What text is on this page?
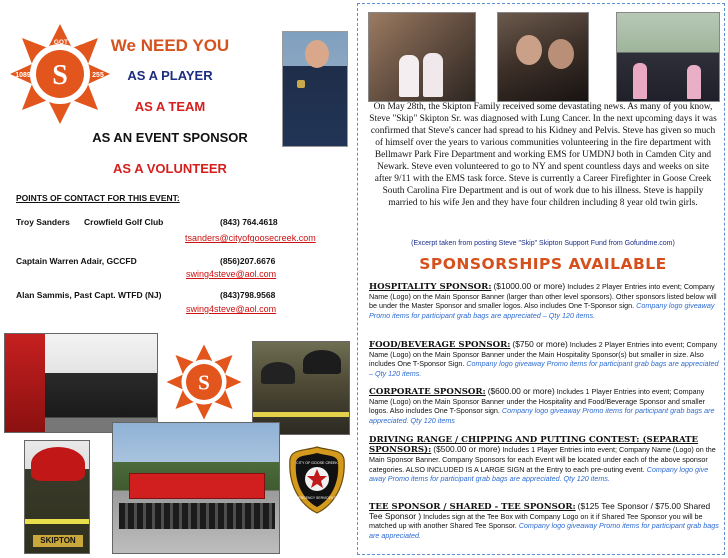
S
"WE" GOT THIS
1089	255
We NEED YOU
AS A PLAYER
AS A TEAM
AS AN EVENT SPONSOR
AS A VOLUNTEER
POINTS OF CONTACT FOR THIS EVENT:
Troy Sanders Crowfield Golf Club	(843) 764.4618
tsanders@cityofgoosecreek.com
Captain Warren Adair, GCCFD	(856)207.6676
swing4steve@aol.com
Alan Sammis, Past Capt. WTFD (NJ)	(843)798.9568
swing4steve@aol.com
S
SKIPTON
CITY OF GOOSE CREEK
EMERGENCY SERVICES S.C.

On May 28th, the Skipton Family received some devastating news. As many of you know, Steve "Skip" Skipton Sr. was diagnosed with Lung Cancer. In the next upcoming days it was confirmed that Steve's cancer had spread to his Kidney and Pelvis. Steve has given so much of himself over the years to various communities volunteering in the fire department with Bellmawr Park Fire Department and working EMS for UMDNJ both in Camden City and Newark. Steve even volunteered to go to NY and spent countless days and weeks on site after 9/11 with the EMS task force. Steve is currently a Career Firefighter in Goose Creek South Carolina Fire Department and is out of work due to his illness. Steve is happily married to his wife Jen and they have four children including 8 year old twin girls.

(Excerpt taken from posting Steve "Skip" Skipton Support Fund from Gofundme.com)
SPONSORSHIPS AVAILABLE
HOSPITALITY SPONSOR: ($1000.00 or more) Includes 2 Player Entries into event; Company Name (Logo) on the Main Sponsor Banner (larger than other level sponsors). Other sponsors listed below will be under the Master Sponsor and smaller logos. Also includes One T-Sponsor sign. Company logo giveaway Promo items for participant grab bags are appreciated – Qty 120 items.
FOOD/BEVERAGE SPONSOR: ($750 or more) Includes 2 Player Entries into event; Company Name (Logo) on the Main Sponsor Banner under the Main Hospitality Sponsor(s) but smaller in size. Also includes One T-Sponsor Sign. Company logo giveaway Promo items for participant grab bags are appreciated – Qty 120 items.
CORPORATE SPONSOR: ($600.00 or more) Includes 1 Player Entries into event; Company Name (Logo) on the Main Sponsor Banner under the Hospitality and Food/Beverage Sponsor and smaller logos. Also includes One T-Sponsor sign. Company logo giveaway Promo items for participant grab bags are appreciated. Qty 120 items
DRIVING RANGE / CHIPPING AND PUTTING CONTEST: (SEPARATE SPONSORS): ($500.00 or more) Includes 1 Player Entries into event; Company Name (Logo) on the Main Sponsor Banner. Company Sponsors for each Event will be located under each of the above sponsor categories. ALSO INCLUDED IS A LARGE SIGN at the Entry to each pre-outing event. Company logo give away Promo items for participant grab bags are appreciated. Qty 120 items.
TEE SPONSOR / SHARED - TEE SPONSOR: ($125 Tee Sponsor / $75.00 Shared Tee Sponsor ) Includes sign at the Tee Box with Company Logo on it if Shared Tee Sponsor you will be matched up with another Shared Tee Sponsor. Company logo giveaway Promo items for participant grab bags are appreciated.
